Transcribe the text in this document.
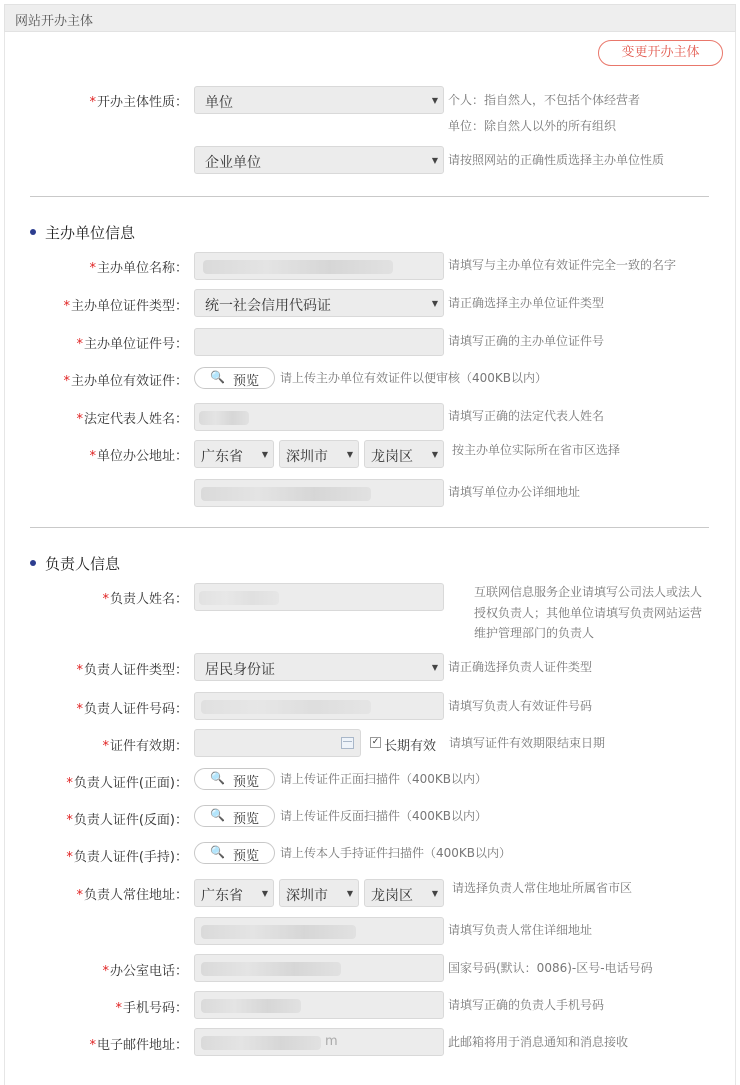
网站开办主体
变更开办主体
*开办主体性质： 单位	▼ 个人：指自然人，不包括个体经营者
单位：除自然人以外的所有组织
企业单位	▼ 请按照网站的正确性质选择主办单位性质
主办单位信息
*主办单位名称：	请填写与主办单位有效证件完全一致的名字
*主办单位证件类型： 统一社会信用代码证	▼ 请正确选择主办单位证件类型
*主办单位证件号：	请填写正确的主办单位证件号
*主办单位有效证件： 🔍 预览 请上传主办单位有效证件以便审核（400KB以内）
*法定代表人姓名：	请填写正确的法定代表人姓名
*单位办公地址： 广东省 ▼ 深圳市 ▼ 龙岗区 ▼ 按主办单位实际所在省市区选择
请填写单位办公详细地址
负责人信息
*负责人姓名：	互联网信息服务企业请填写公司法人或法人
授权负责人；其他单位请填写负责网站运营
维护管理部门的负责人
*负责人证件类型： 居民身份证	▼ 请正确选择负责人证件类型
*负责人证件号码：	请填写负责人有效证件号码
*证件有效期：	✓ 长期有效 请填写证件有效期限结束日期
*负责人证件(正面)： 🔍 预览 请上传证件正面扫描件（400KB以内）
*负责人证件(反面)： 🔍 预览 请上传证件反面扫描件（400KB以内）
*负责人证件(手持)： 🔍 预览 请上传本人手持证件扫描件（400KB以内）
*负责人常住地址： 广东省 ▼ 深圳市 ▼ 龙岗区 ▼ 请选择负责人常住地址所属省市区
请填写负责人常住详细地址
*办公室电话：	国家号码(默认：0086)-区号-电话号码
*手机号码：	请填写正确的负责人手机号码
*电子邮件地址：	m	此邮箱将用于消息通知和消息接收
